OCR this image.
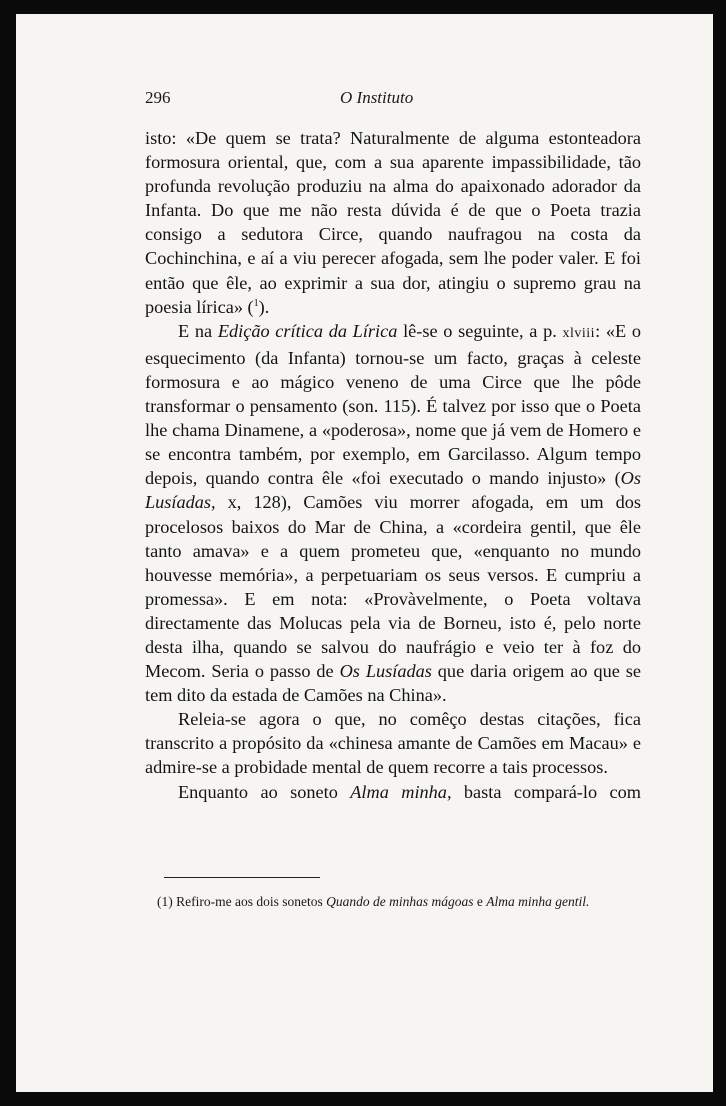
296	O Instituto

isto: «De quem se trata? Naturalmente de alguma estonteadora formosura oriental, que, com a sua aparente impassibilidade, tão profunda revolução produziu na alma do apaixonado adorador da Infanta. Do que me não resta dúvida é de que o Poeta trazia consigo a sedutora Circe, quando naufragou na costa da Cochinchina, e aí a viu perecer afogada, sem lhe poder valer. E foi então que êle, ao exprimir a sua dor, atingiu o supremo grau na poesia lírica» ($^1$).

E na Edição crítica da Lírica lê-se o seguinte, a p. xlviii: «E o esquecimento (da Infanta) tornou-se um facto, graças à celeste formosura e ao mágico veneno de uma Circe que lhe pôde transformar o pensamento (son. 115). É talvez por isso que o Poeta lhe chama Dinamene, a «poderosa», nome que já vem de Homero e se encontra também, por exemplo, em Garcilasso. Algum tempo depois, quando contra êle «foi executado o mando injusto» (Os Lusíadas, x, 128), Camões viu morrer afogada, em um dos procelosos baixos do Mar de China, a «cordeira gentil, que êle tanto amava» e a quem prometeu que, «enquanto no mundo houvesse memória», a perpetuariam os seus versos. E cumpriu a promessa». E em nota: «Provàvelmente, o Poeta voltava directamente das Molucas pela via de Borneu, isto é, pelo norte desta ilha, quando se salvou do naufrágio e veio ter à foz do Mecom. Seria o passo de Os Lusíadas que daria origem ao que se tem dito da estada de Camões na China».

Releia-se agora o que, no comêço destas citações, fica transcrito a propósito da «chinesa amante de Camões em Macau» e admire-se a probidade mental de quem recorre a tais processos.

Enquanto ao soneto Alma minha, basta compará-lo com

(1) Refiro-me aos dois sonetos Quando de minhas mágoas e Alma minha gentil.
